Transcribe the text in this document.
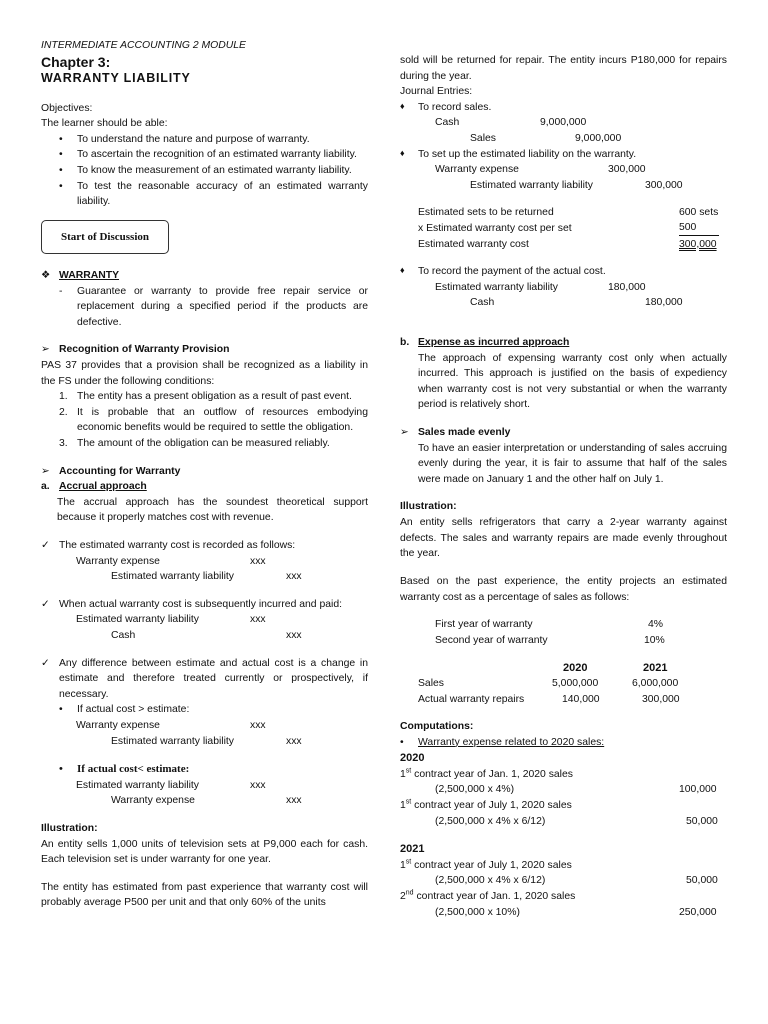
INTERMEDIATE ACCOUNTING 2 MODULE
Chapter 3:
WARRANTY LIABILITY
Objectives:
The learner should be able:
• To understand the nature and purpose of warranty.
• To ascertain the recognition of an estimated warranty liability.
• To know the measurement of an estimated warranty liability.
• To test the reasonable accuracy of an estimated warranty liability.
Start of Discussion
❖ WARRANTY
- Guarantee or warranty to provide free repair service or replacement during a specified period if the products are defective.
➢ Recognition of Warranty Provision
PAS 37 provides that a provision shall be recognized as a liability in the FS under the following conditions:
1. The entity has a present obligation as a result of past event.
2. It is probable that an outflow of resources embodying economic benefits would be required to settle the obligation.
3. The amount of the obligation can be measured reliably.
➢ Accounting for Warranty
a. Accrual approach
The accrual approach has the soundest theoretical support because it properly matches cost with revenue.
✓ The estimated warranty cost is recorded as follows:
Warranty expense	xxx
Estimated warranty liability	xxx
✓ When actual warranty cost is subsequently incurred and paid:
Estimated warranty liability	xxx
Cash	xxx
✓ Any difference between estimate and actual cost is a change in estimate and therefore treated currently or prospectively, if necessary.
• If actual cost > estimate:
Warranty expense	xxx
Estimated warranty liability	xxx
• If actual cost< estimate:
Estimated warranty liability	xxx
Warranty expense	xxx
Illustration:
An entity sells 1,000 units of television sets at P9,000 each for cash. Each television set is under warranty for one year.
The entity has estimated from past experience that warranty cost will probably average P500 per unit and that only 60% of the units
sold will be returned for repair. The entity incurs P180,000 for repairs during the year.
Journal Entries:
♦ To record sales.
Cash	9,000,000
Sales	9,000,000
♦ To set up the estimated liability on the warranty.
Warranty expense	300,000
Estimated warranty liability	300,000
Estimated sets to be returned	600 sets
x Estimated warranty cost per set	500
Estimated warranty cost	300,000
♦ To record the payment of the actual cost.
Estimated warranty liability	180,000
Cash	180,000
b. Expense as incurred approach
The approach of expensing warranty cost only when actually incurred. This approach is justified on the basis of expediency when warranty cost is not very substantial or when the warranty period is relatively short.
➢ Sales made evenly
To have an easier interpretation or understanding of sales accruing evenly during the year, it is fair to assume that half of the sales were made on January 1 and the other half on July 1.
Illustration:
An entity sells refrigerators that carry a 2-year warranty against defects. The sales and warranty repairs are made evenly throughout the year.
Based on the past experience, the entity projects an estimated warranty cost as a percentage of sales as follows:
First year of warranty	4%
Second year of warranty	10%
2020	2021
Sales	5,000,000	6,000,000
Actual warranty repairs	140,000	300,000
Computations:
• Warranty expense related to 2020 sales:
2020
1st contract year of Jan. 1, 2020 sales
(2,500,000 x 4%)	100,000
1st contract year of July 1, 2020 sales
(2,500,000 x 4% x 6/12)	50,000
2021
1st contract year of July 1, 2020 sales
(2,500,000 x 4% x 6/12)	50,000
2nd contract year of Jan. 1, 2020 sales
(2,500,000 x 10%)	250,000
